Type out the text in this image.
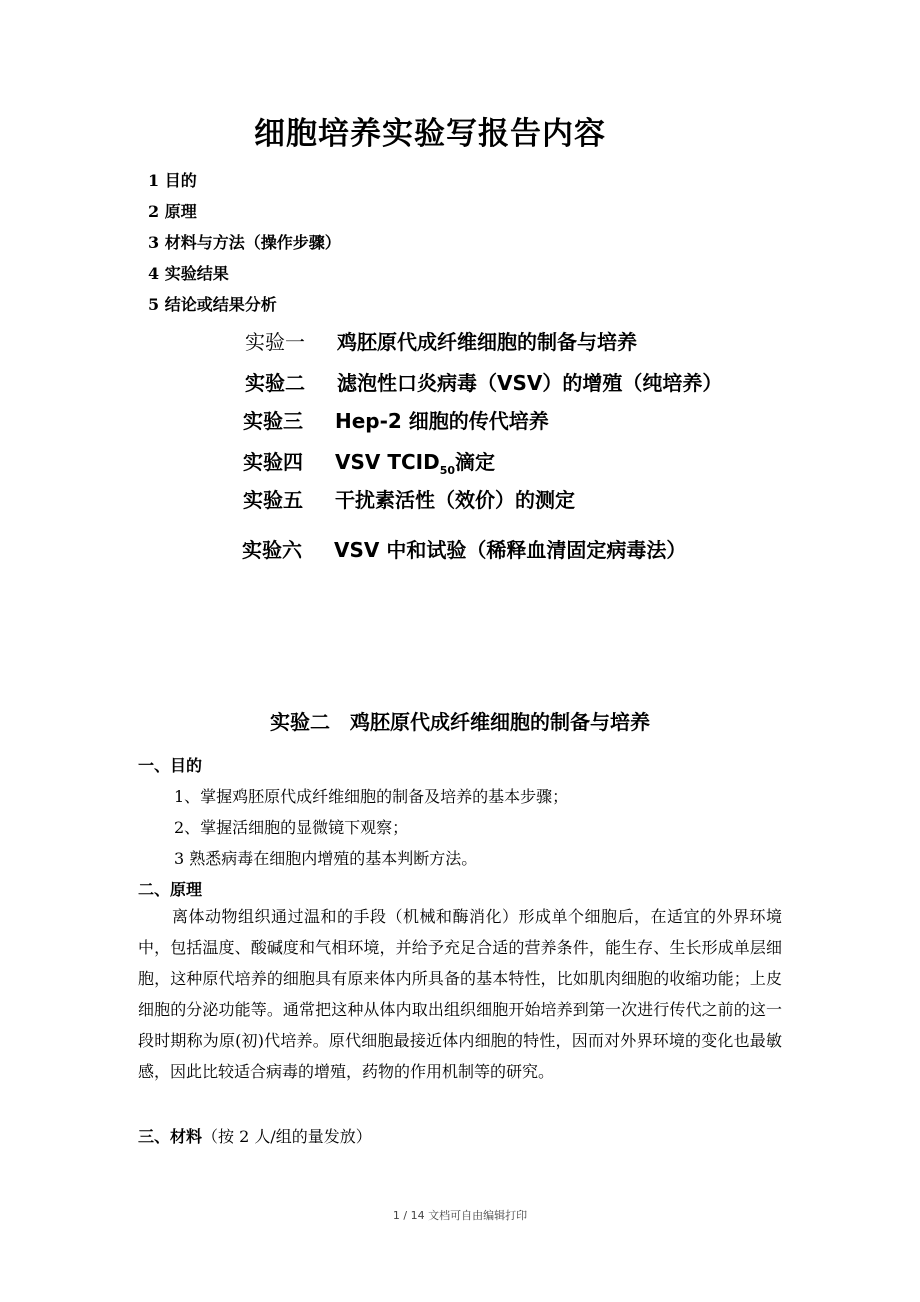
细胞培养实验写报告内容
1 目的
2 原理
3 材料与方法（操作步骤）
4 实验结果
5 结论或结果分析
实验一 鸡胚原代成纤维细胞的制备与培养
实验二 滤泡性口炎病毒（VSV）的增殖（纯培养）
实验三 Hep-2 细胞的传代培养
实验四 VSV $TCID_{50}$滴定
实验五 干扰素活性（效价）的测定
实验六 VSV 中和试验（稀释血清固定病毒法）
实验二　鸡胚原代成纤维细胞的制备与培养
一、目的
1、掌握鸡胚原代成纤维细胞的制备及培养的基本步骤；
2、掌握活细胞的显微镜下观察；
3 熟悉病毒在细胞内增殖的基本判断方法。
二、原理

离体动物组织通过温和的手段（机械和酶消化）形成单个细胞后，在适宜的外界环境中，包括温度、酸碱度和气相环境，并给予充足合适的营养条件，能生存、生长形成单层细胞，这种原代培养的细胞具有原来体内所具备的基本特性，比如肌肉细胞的收缩功能；上皮细胞的分泌功能等。通常把这种从体内取出组织细胞开始培养到第一次进行传代之前的这一段时期称为原(初)代培养。原代细胞最接近体内细胞的特性，因而对外界环境的变化也最敏感，因此比较适合病毒的增殖，药物的作用机制等的研究。

三、材料（按 2 人/组的量发放）
1 / 14 文档可自由编辑打印
